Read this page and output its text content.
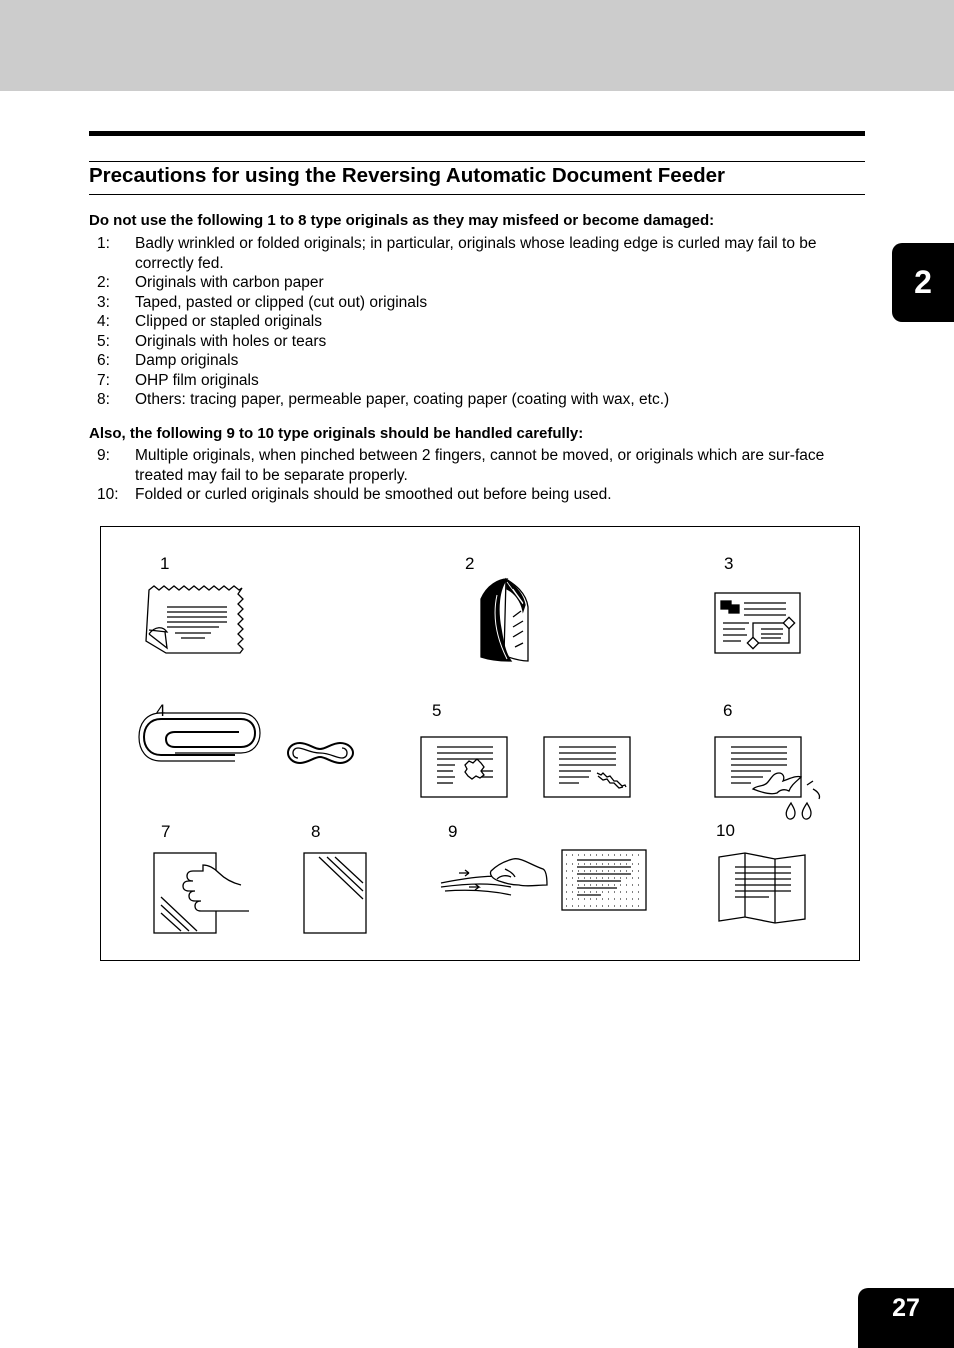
Precautions for using the Reversing Automatic Document Feeder
Do not use the following 1 to 8 type originals as they may misfeed or become damaged:
1:	Badly wrinkled or folded originals; in particular, originals whose leading edge is curled may fail to be correctly fed.
2:	Originals with carbon paper
3:	Taped, pasted or clipped (cut out) originals
4:	Clipped or stapled originals
5:	Originals with holes or tears
6:	Damp originals
7:	OHP film originals
8:	Others: tracing paper, permeable paper, coating paper (coating with wax, etc.)
Also, the following 9 to 10 type originals should be handled carefully:
9:	Multiple originals, when pinched between 2 fingers, cannot be moved, or originals which are sur-face treated may fail to be separate properly.
10:	Folded or curled originals should be smoothed out before being used.
2
27
1	2	3
4	5	6
7	8	9	10
